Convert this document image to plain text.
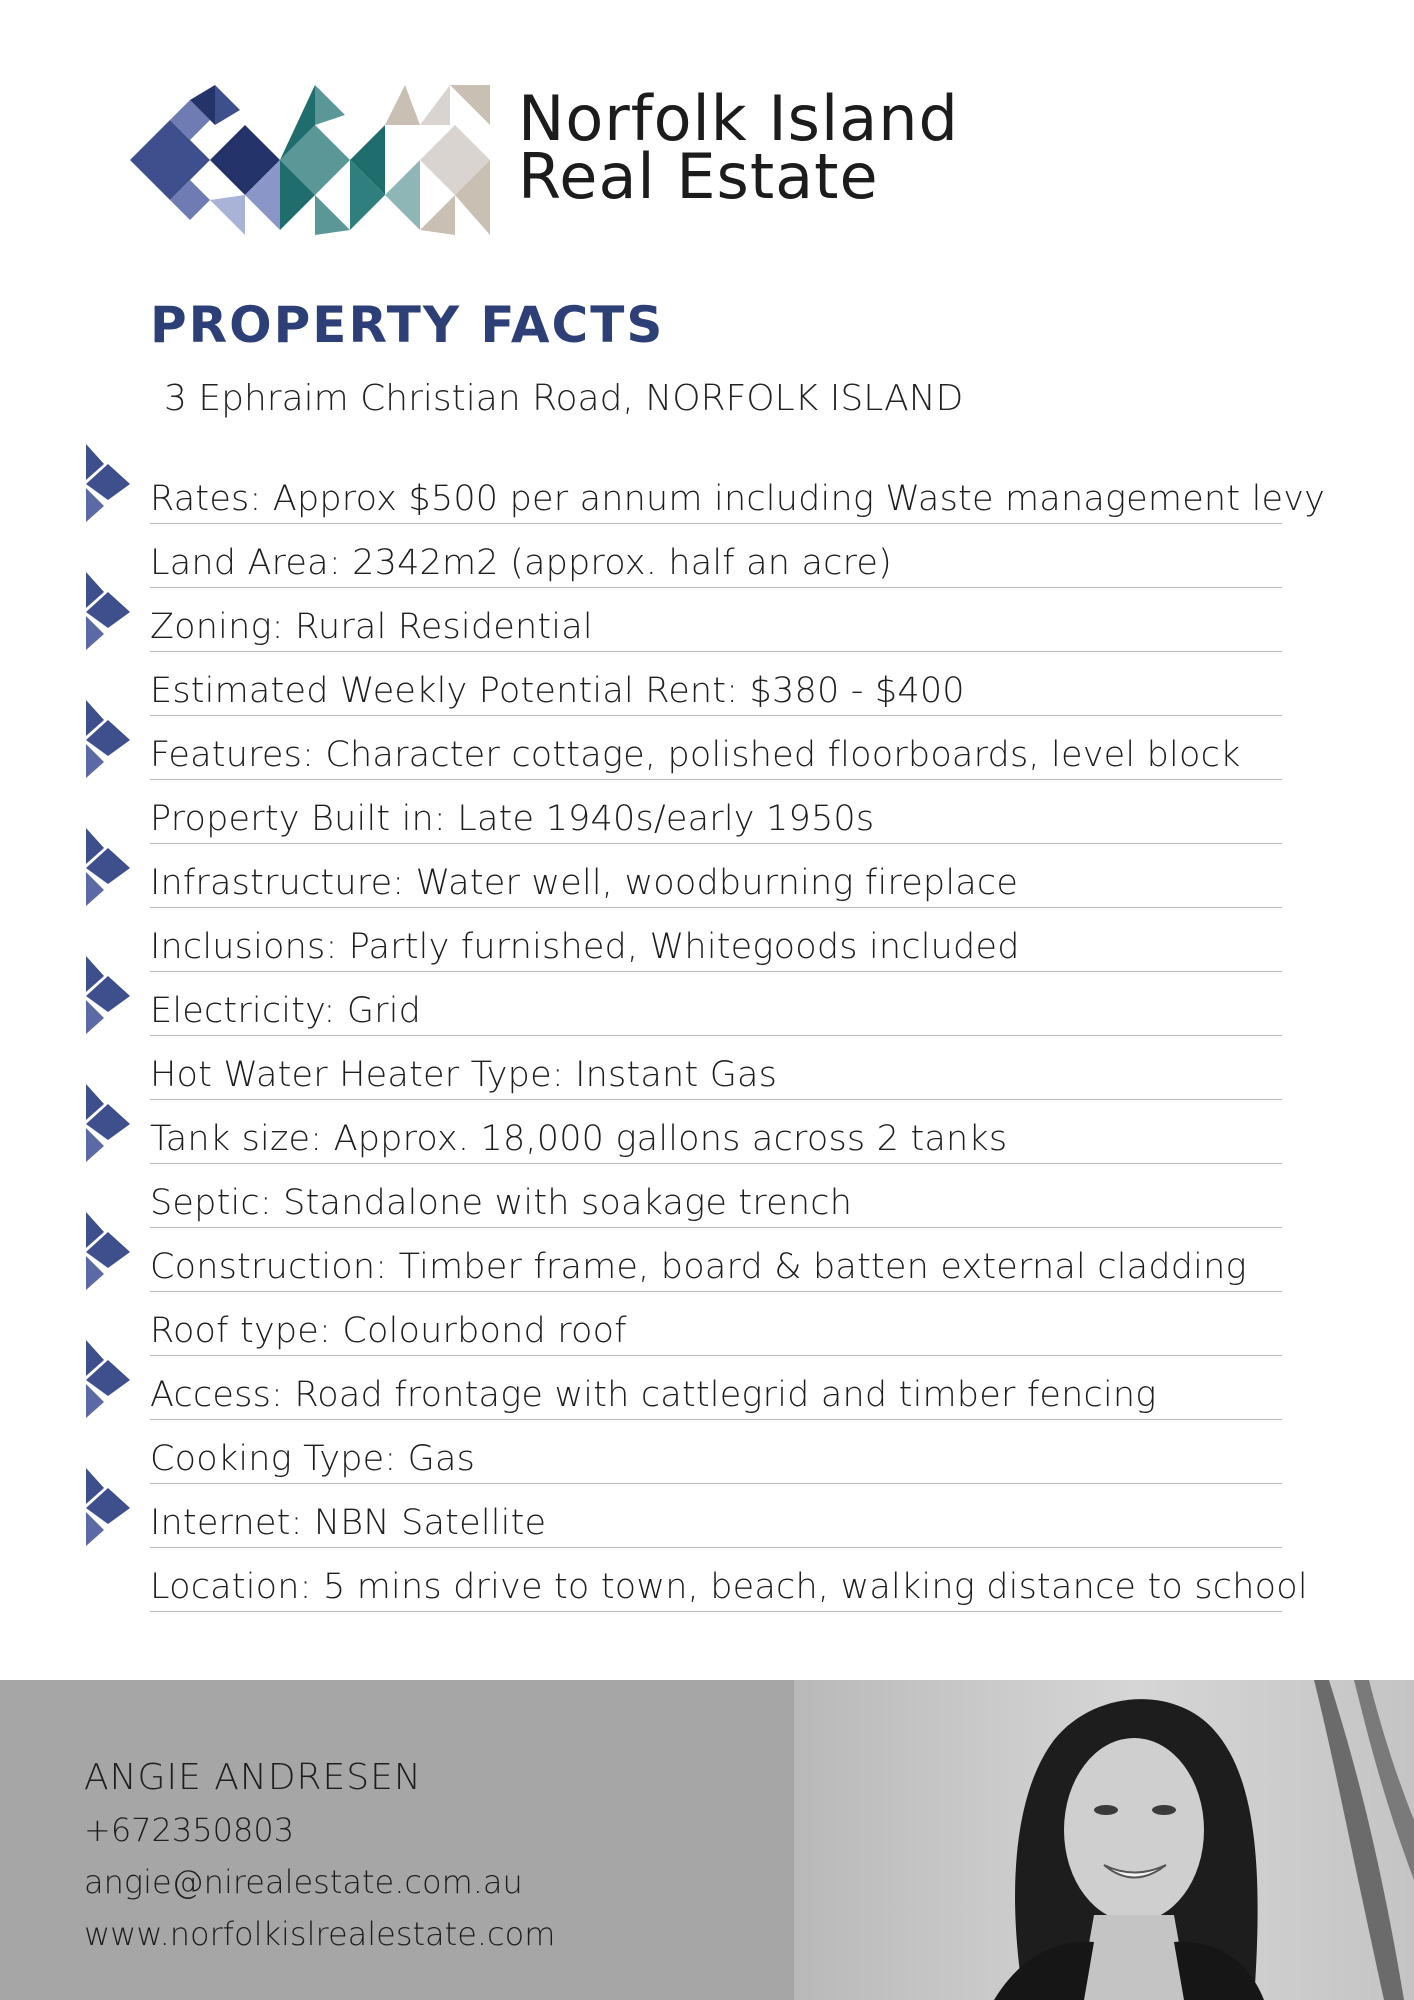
Norfolk Island
Real Estate
PROPERTY FACTS
3 Ephraim Christian Road, NORFOLK ISLAND
Rates: Approx $500 per annum including Waste management levy
Land Area: 2342m2 (approx. half an acre)
Zoning: Rural Residential
Estimated Weekly Potential Rent: $380 - $400
Features: Character cottage, polished floorboards, level block
Property Built in: Late 1940s/early 1950s
Infrastructure: Water well, woodburning fireplace
Inclusions: Partly furnished, Whitegoods included
Electricity: Grid
Hot Water Heater Type: Instant Gas
Tank size: Approx. 18,000 gallons across 2 tanks
Septic: Standalone with soakage trench
Construction: Timber frame, board & batten external cladding
Roof type: Colourbond roof
Access: Road frontage with cattlegrid and timber fencing
Cooking Type: Gas
Internet: NBN Satellite
Location: 5 mins drive to town, beach, walking distance to school
ANGIE ANDRESEN
+672350803
angie@nirealestate.com.au
www.norfolkislrealestate.com
